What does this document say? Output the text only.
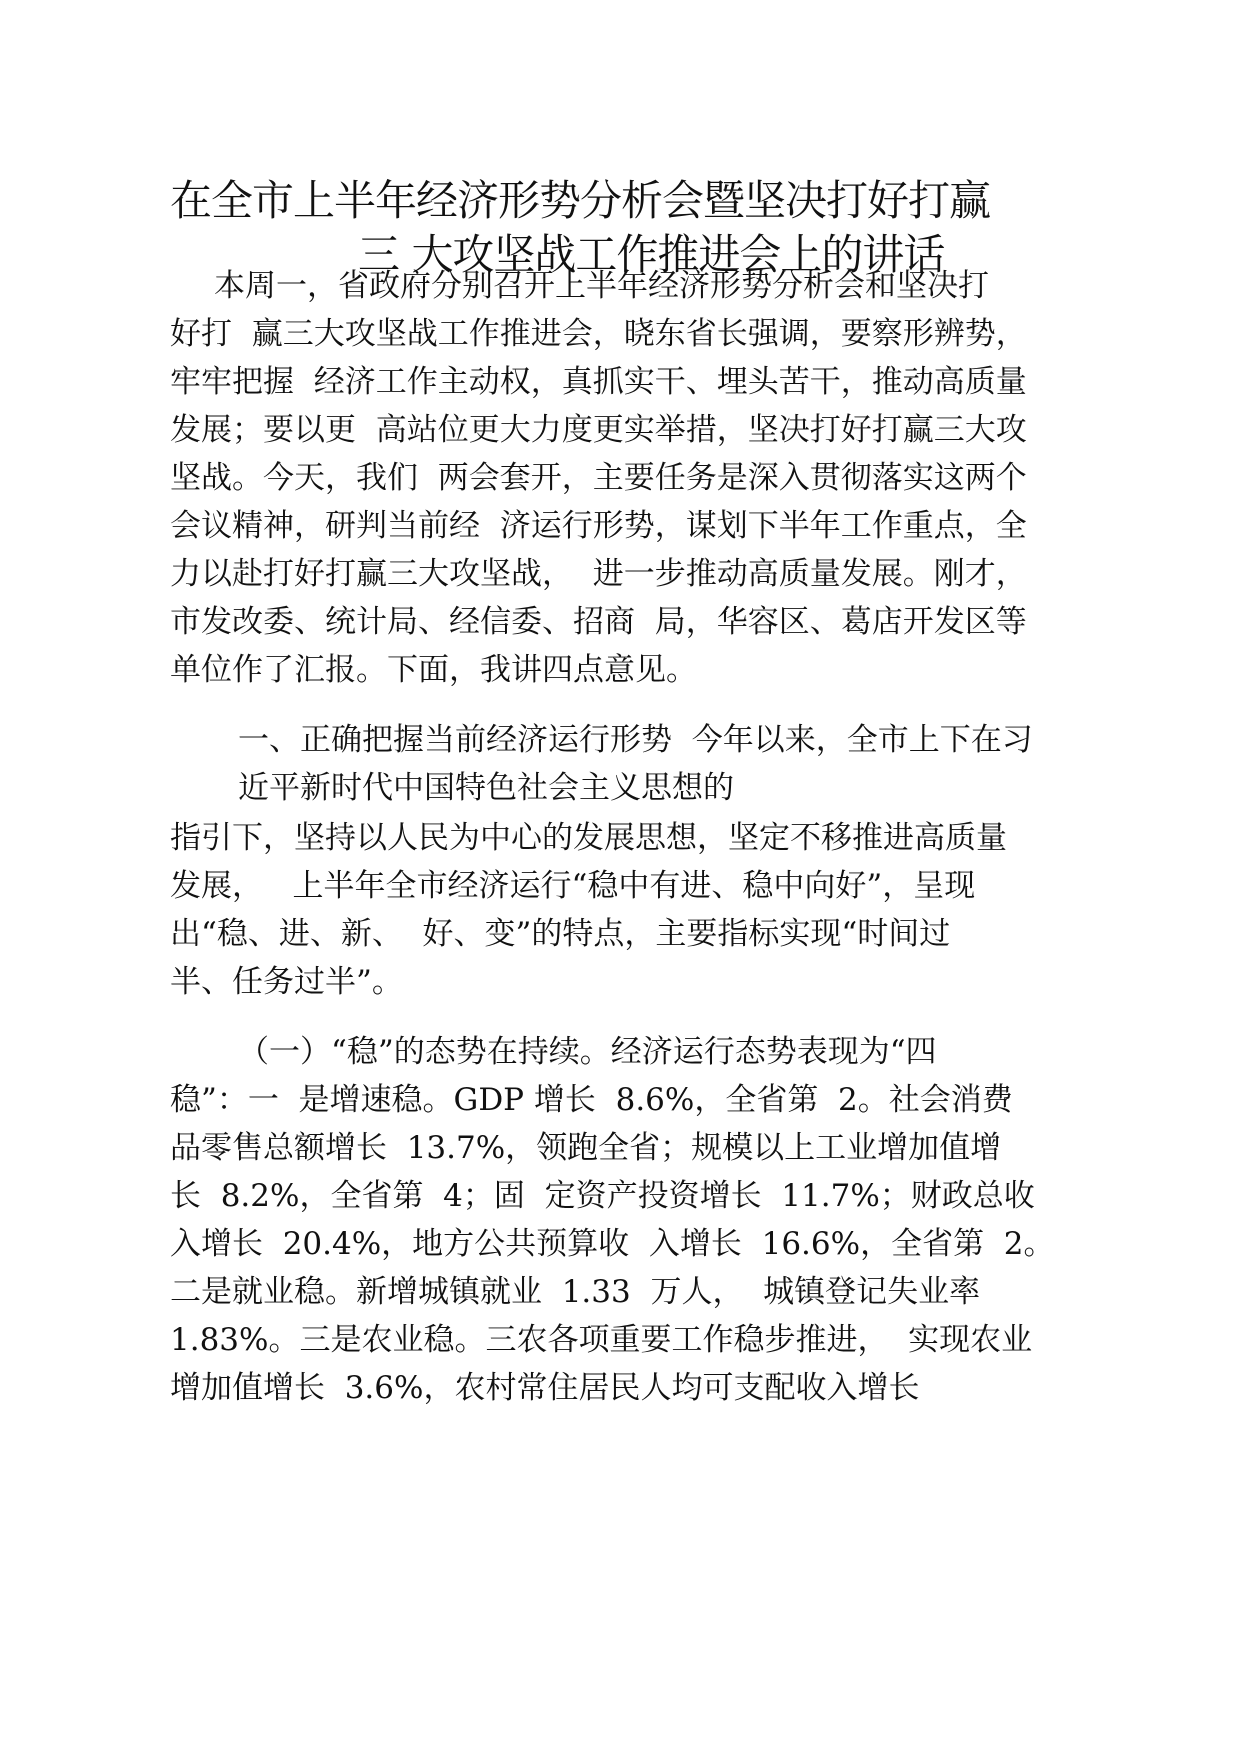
在全市上半年经济形势分析会暨坚决打好打赢
三 大攻坚战工作推进会上的讲话
本周一，省政府分别召开上半年经济形势分析会和坚决打
好打  赢三大攻坚战工作推进会，晓东省长强调，要察形辨势，
牢牢把握  经济工作主动权，真抓实干、埋头苦干，推动高质量
发展；要以更  高站位更大力度更实举措，坚决打好打赢三大攻
坚战。今天，我们  两会套开，主要任务是深入贯彻落实这两个
会议精神，研判当前经  济运行形势，谋划下半年工作重点，全
力以赴打好打赢三大攻坚战，  进一步推动高质量发展。刚才，
市发改委、统计局、经信委、招商  局，华容区、葛店开发区等
单位作了汇报。下面，我讲四点意见。
一、正确把握当前经济运行形势  今年以来，全市上下在习
近平新时代中国特色社会主义思想的
指引下，坚持以人民为中心的发展思想，坚定不移推进高质量
发展，   上半年全市经济运行“稳中有进、稳中向好”，呈现
出“稳、进、新、  好、变”的特点，主要指标实现“时间过
半、任务过半”。
（一）“稳”的态势在持续。经济运行态势表现为“四
稳”：一  是增速稳。GDP 增长  8.6%，全省第  2。社会消费
品零售总额增长  13.7%，领跑全省；规模以上工业增加值增
长  8.2%，全省第  4；固  定资产投资增长  11.7%；财政总收
入增长  20.4%，地方公共预算收  入增长  16.6%，全省第  2。
二是就业稳。新增城镇就业  1.33  万人，  城镇登记失业率
1.83%。三是农业稳。三农各项重要工作稳步推进，  实现农业
增加值增长  3.6%，农村常住居民人均可支配收入增长
